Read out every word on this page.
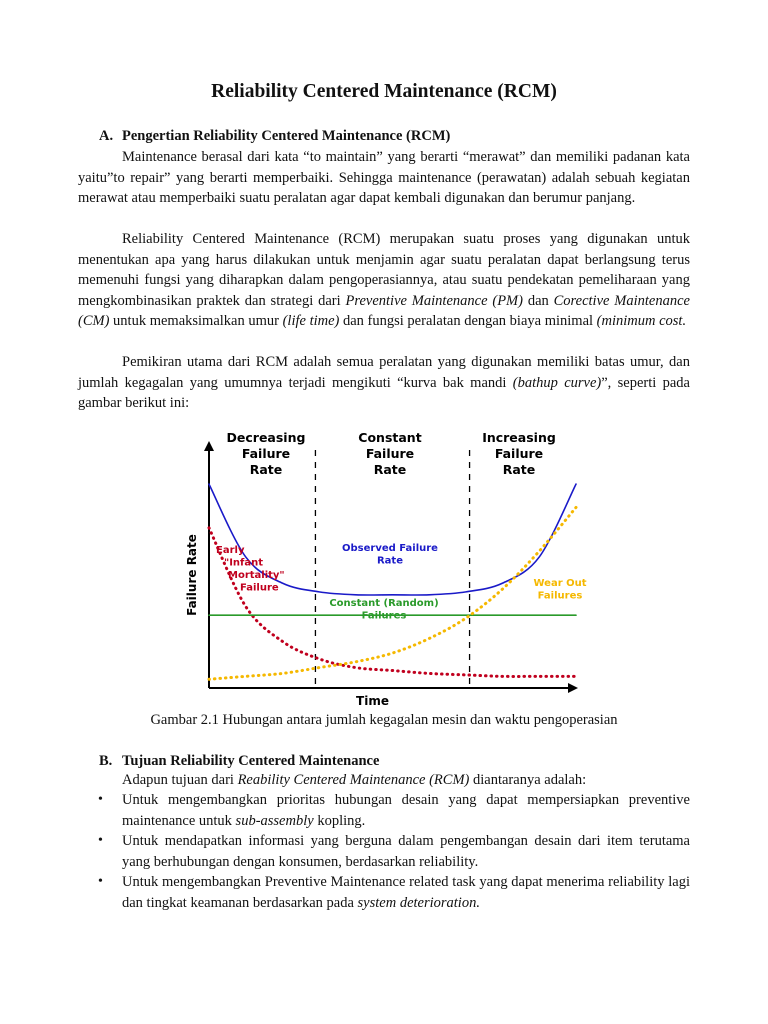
Reliability Centered Maintenance (RCM)

A. Pengertian Reliability Centered Maintenance (RCM)

Maintenance berasal dari kata “to maintain” yang berarti “merawat” dan memiliki padanan kata yaitu”to repair” yang berarti memperbaiki. Sehingga maintenance (perawatan) adalah sebuah kegiatan merawat atau memperbaiki suatu peralatan agar dapat kembali digunakan dan berumur panjang.

Reliability Centered Maintenance (RCM) merupakan suatu proses yang digunakan untuk menentukan apa yang harus dilakukan untuk menjamin agar suatu peralatan dapat berlangsung terus memenuhi fungsi yang diharapkan dalam pengoperasiannya, atau suatu pendekatan pemeliharaan yang mengkombinasikan praktek dan strategi dari Preventive Maintenance (PM) dan Corective Maintenance (CM) untuk memaksimalkan umur (life time) dan fungsi peralatan dengan biaya minimal (minimum cost.

Pemikiran utama dari RCM adalah semua peralatan yang digunakan memiliki batas umur, dan jumlah kegagalan yang umumnya terjadi mengikuti “kurva bak mandi (bathup curve)”, seperti pada gambar berikut ini:

Time
Failure Rate
Decreasing
Failure
Rate
Constant
Failure
Rate
Increasing
Failure
Rate
Observed Failure
Rate
Early
"Infant
Mortality"
Failure
Constant (Random)
Failures
Wear Out
Failures

Gambar 2.1 Hubungan antara jumlah kegagalan mesin dan waktu pengoperasian

B. Tujuan Reliability Centered Maintenance

Adapun tujuan dari Reability Centered Maintenance (RCM) diantaranya adalah:

• Untuk mengembangkan prioritas hubungan desain yang dapat mempersiapkan preventive maintenance untuk sub-assembly kopling.
• Untuk mendapatkan informasi yang berguna dalam pengembangan desain dari item terutama yang berhubungan dengan konsumen, berdasarkan reliability.
• Untuk mengembangkan Preventive Maintenance related task yang dapat menerima reliability lagi dan tingkat keamanan berdasarkan pada system deterioration.
